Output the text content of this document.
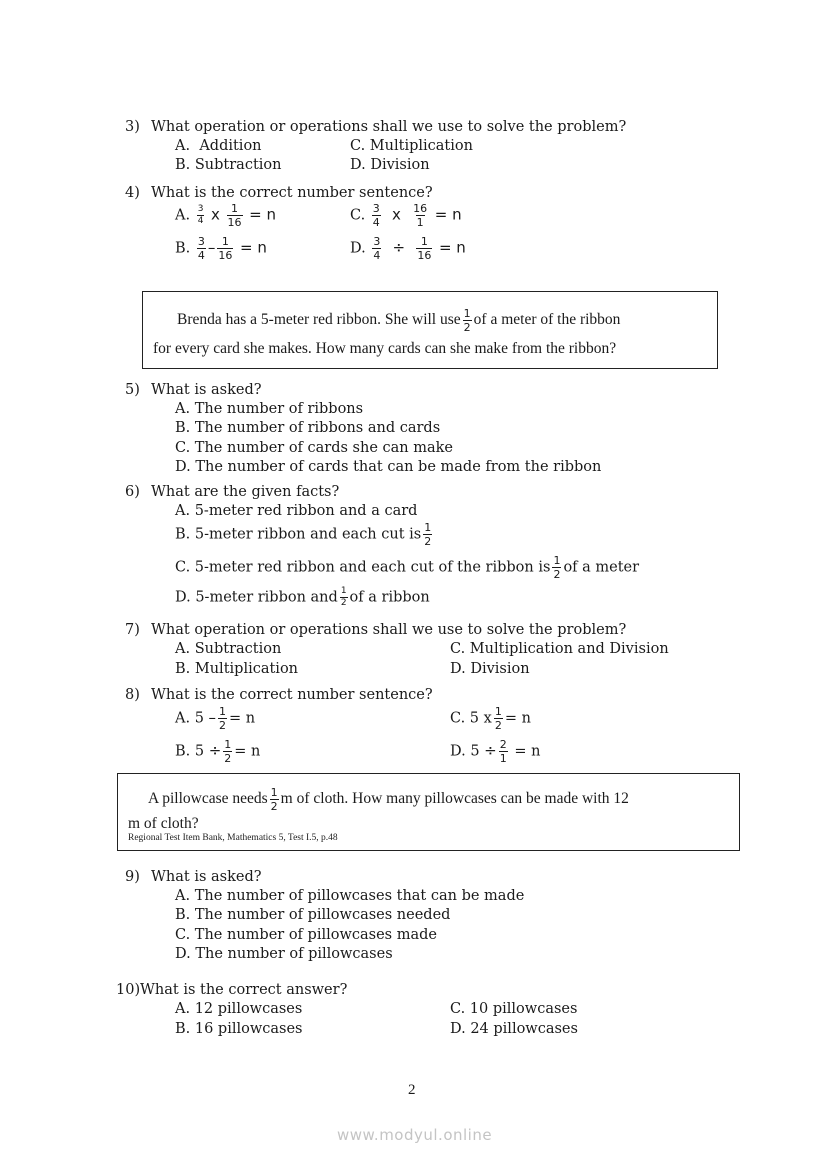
3) What operation or operations shall we use to solve the problem?
A. Addition
B. Subtraction
C. Multiplication
D. Division
4) What is the correct number sentence?
A. $\frac{3}{4}$ x $\frac{1}{16} = n$
B. $\frac{3}{4} - \frac{1}{16} = n$
C. $\frac{3}{4}$ x $\frac{16}{1} = n$
D. $\frac{3}{4} \div \frac{1}{16} = n$
Brenda has a 5-meter red ribbon. She will use $\frac{1}{2}$ of a meter of the ribbon
for every card she makes. How many cards can she make from the ribbon?
5) What is asked?
A. The number of ribbons
B. The number of ribbons and cards
C. The number of cards she can make
D. The number of cards that can be made from the ribbon
6) What are the given facts?
A. 5-meter red ribbon and a card
B. 5-meter ribbon and each cut is $\frac{1}{2}$
C. 5-meter red ribbon and each cut of the ribbon is $\frac{1}{2}$ of a meter
D. 5-meter ribbon and $\frac{1}{2}$ of a ribbon
7) What operation or operations shall we use to solve the problem?
A. Subtraction
B. Multiplication
C. Multiplication and Division
D. Division
8) What is the correct number sentence?
A. $5 - \frac{1}{2} = n$
B. $5 \div \frac{1}{2} = n$
C. 5 x $\frac{1}{2} = n$
D. $5 \div \frac{2}{1} = n$
A pillowcase needs $\frac{1}{2}$ m of cloth. How many pillowcases can be made with 12
m of cloth?
Regional Test Item Bank, Mathematics 5, Test I.5, p.48
9) What is asked?
A. The number of pillowcases that can be made
B. The number of pillowcases needed
C. The number of pillowcases made
D. The number of pillowcases
10)What is the correct answer?
A. 12 pillowcases
B. 16 pillowcases
C. 10 pillowcases
D. 24 pillowcases
2
www.modyul.online
